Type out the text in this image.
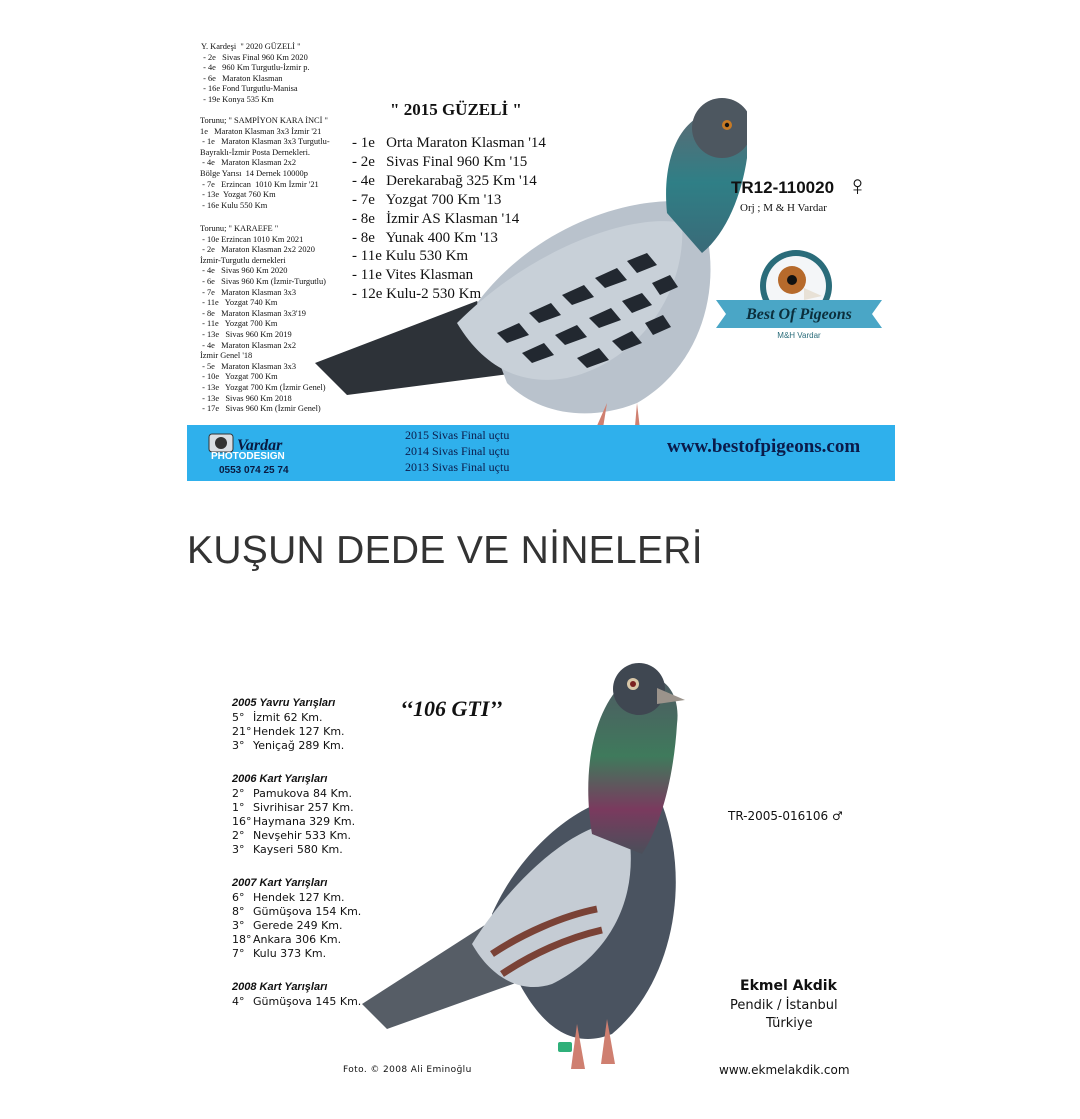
Y. Kardeşi  " 2020 GÜZELİ "
- 2e   Sivas Final 960 Km 2020
- 4e   960 Km Turgutlu-İzmir p.
- 6e   Maraton Klasman
- 16e Fond Turgutlu-Manisa
- 19e Konya 535 Km
Torunu; " SAMPİYON KARA İNCİ "
1e   Maraton Klasman 3x3 İzmir '21
- 1e   Maraton Klasman 3x3 Turgutlu-
Bayraklı-İzmir Posta Dernekleri.
- 4e   Maraton Klasman 2x2
Bölge Yarısı  14 Dernek 10000p
- 7e   Erzincan  1010 Km İzmir '21
- 13e  Yozgat 760 Km
- 16e Kulu 550 Km
Torunu; " KARAEFE "
- 10e Erzincan 1010 Km 2021
- 2e   Maraton Klasman 2x2 2020
İzmir-Turgutlu dernekleri
- 4e   Sivas 960 Km 2020
- 6e   Sivas 960 Km (İzmir-Turgutlu)
- 7e   Maraton Klasman 3x3
- 11e   Yozgat 740 Km
- 8e   Maraton Klasman 3x3'19
- 11e   Yozgat 700 Km
- 13e   Sivas 960 Km 2019
- 4e   Maraton Klasman 2x2
İzmir Genel '18
- 5e   Maraton Klasman 3x3
- 10e   Yozgat 700 Km
- 13e   Yozgat 700 Km (İzmir Genel)
- 13e   Sivas 960 Km 2018
- 17e   Sivas 960 Km (İzmir Genel)
" 2015 GÜZELİ "
- 1e   Orta Maraton Klasman '14
- 2e   Sivas Final 960 Km '15
- 4e   Derekarabağ 325 Km '14
- 7e   Yozgat 700 Km '13
- 8e   İzmir AS Klasman '14
- 8e   Yunak 400 Km '13
- 11e Kulu 530 Km
- 11e Vites Klasman
- 12e Kulu-2 530 Km
TR12-110020 ♀
Orj ; M & H Vardar
Best Of Pigeons
M&H Vardar
Vardar
PHOTODESIGN
0553 074 25 74
2015 Sivas Final uçtu
2014 Sivas Final uçtu
2013 Sivas Final uçtu
www.bestofpigeons.com
KUŞUN DEDE VE NİNELERİ
‘‘106 GTI’’
2005 Yavru Yarışları
5° İzmit 62 Km.
21° Hendek 127 Km.
3° Yeniçağ 289 Km.
2006 Kart Yarışları
2° Pamukova 84 Km.
1° Sivrihisar 257 Km.
16° Haymana 329 Km.
2° Nevşehir 533 Km.
3° Kayseri 580 Km.
2007 Kart Yarışları
6° Hendek 127 Km.
8° Gümüşova 154 Km.
3° Gerede 249 Km.
18° Ankara 306 Km.
7° Kulu 373 Km.
2008 Kart Yarışları
4° Gümüşova 145 Km.
TR-2005-016106 ♂
Ekmel Akdik
Pendik / İstanbul
Türkiye
Foto. © 2008 Ali Eminoğlu	www.ekmelakdik.com
